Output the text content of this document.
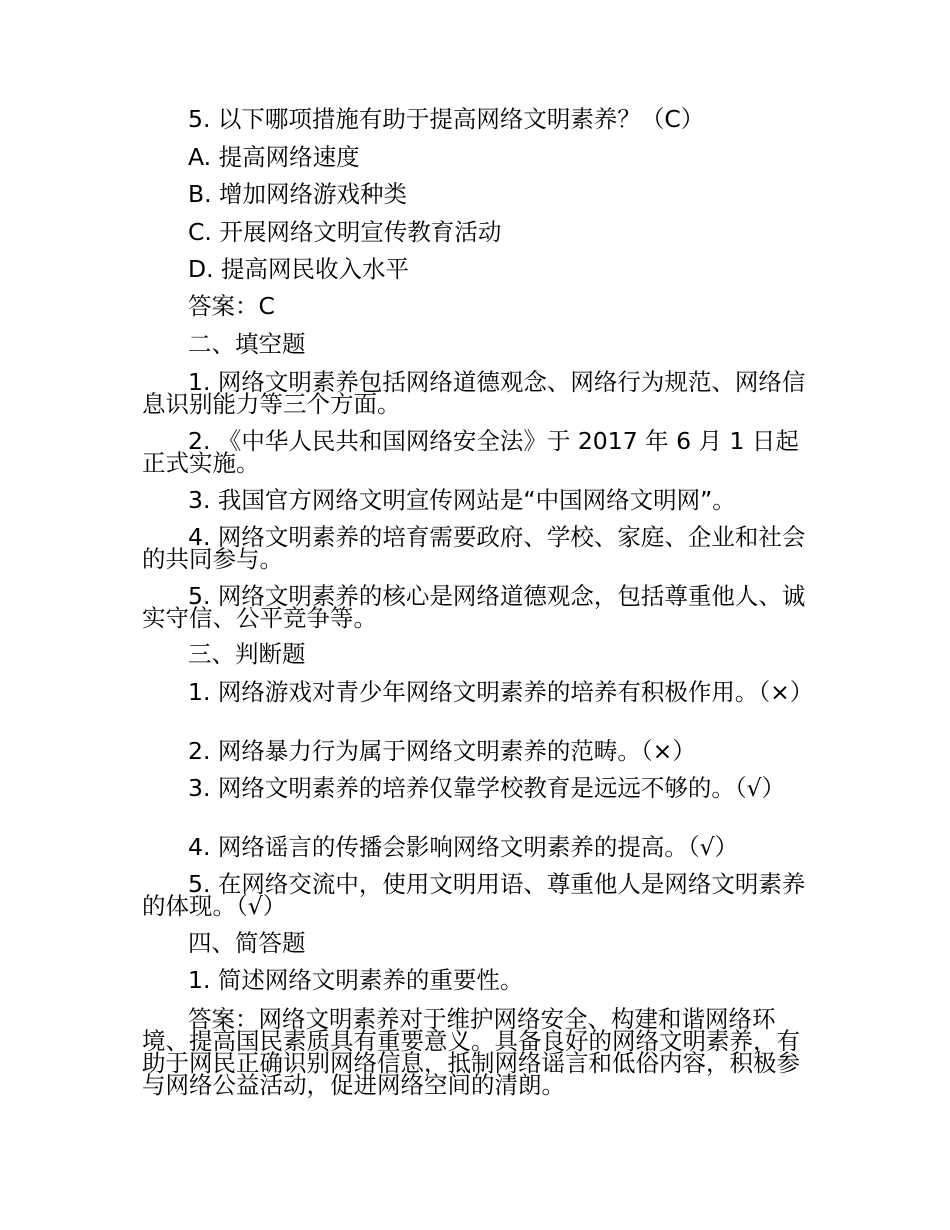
5. 以下哪项措施有助于提高网络文明素养？（C）

A. 提高网络速度

B. 增加网络游戏种类

C. 开展网络文明宣传教育活动

D. 提高网民收入水平

答案：C

二、填空题

1. 网络文明素养包括网络道德观念、网络行为规范、网络信息识别能力等三个方面。

2. 《中华人民共和国网络安全法》于 2017 年 6 月 1 日起正式实施。

3. 我国官方网络文明宣传网站是“中国网络文明网”。

4. 网络文明素养的培育需要政府、学校、家庭、企业和社会的共同参与。

5. 网络文明素养的核心是网络道德观念，包括尊重他人、诚实守信、公平竞争等。

三、判断题

1. 网络游戏对青少年网络文明素养的培养有积极作用。（×）

2. 网络暴力行为属于网络文明素养的范畴。（×）

3. 网络文明素养的培养仅靠学校教育是远远不够的。（√）

4. 网络谣言的传播会影响网络文明素养的提高。（√）

5. 在网络交流中，使用文明用语、尊重他人是网络文明素养的体现。（√）

四、简答题

1. 简述网络文明素养的重要性。

答案：网络文明素养对于维护网络安全、构建和谐网络环境、提高国民素质具有重要意义。具备良好的网络文明素养，有助于网民正确识别网络信息，抵制网络谣言和低俗内容，积极参与网络公益活动，促进网络空间的清朗。
